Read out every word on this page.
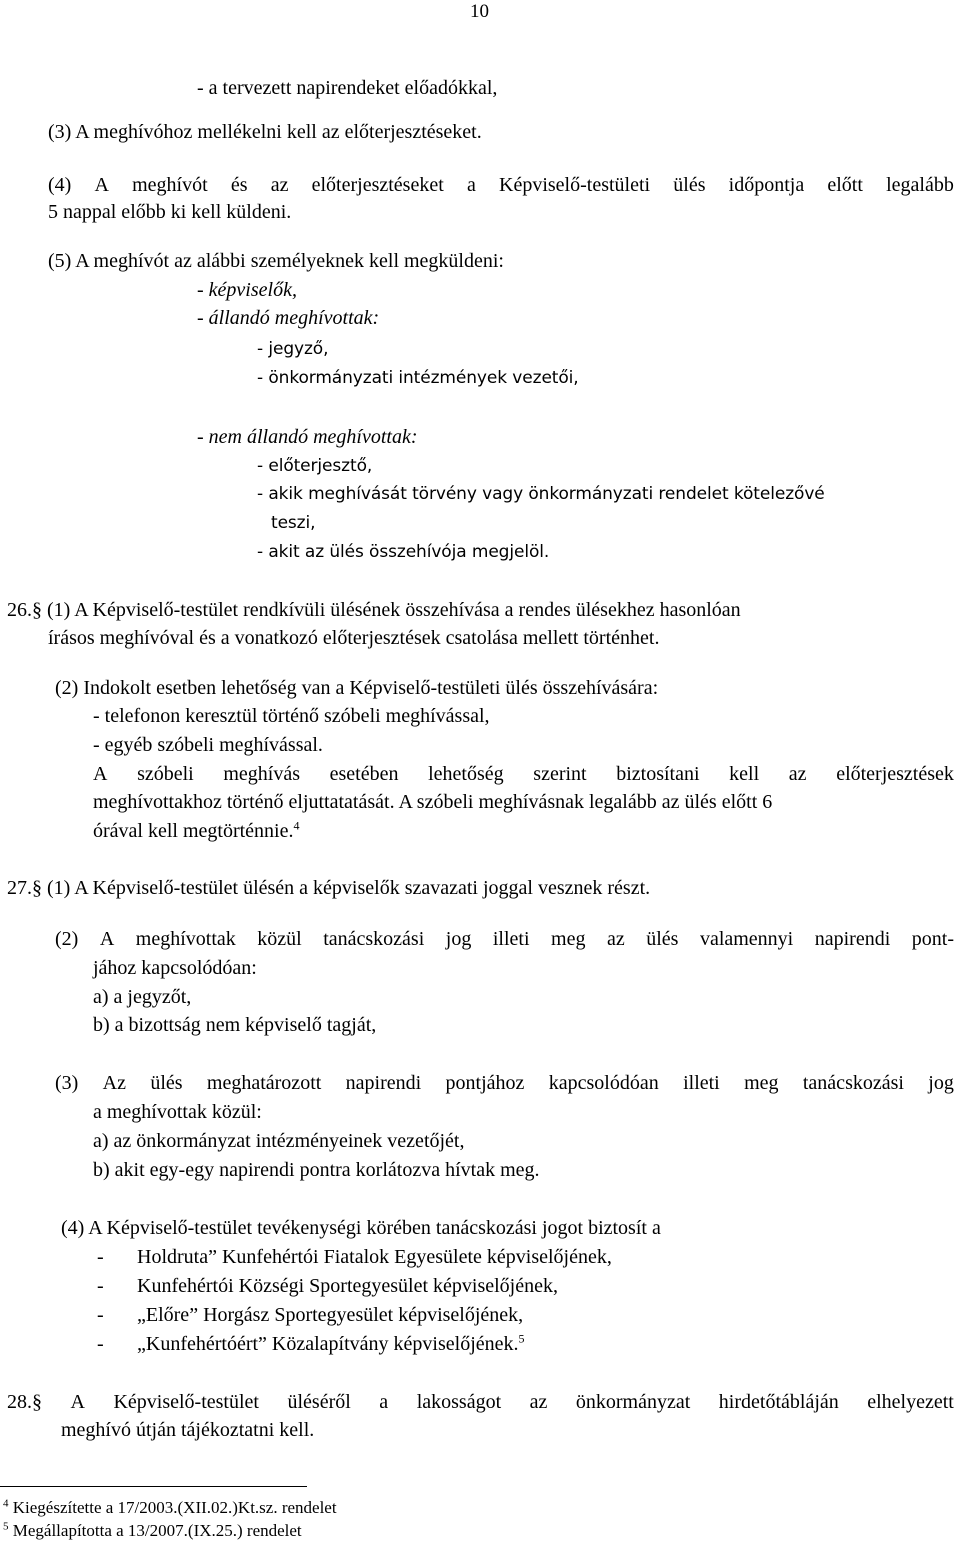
10
- a tervezett napirendeket előadókkal,
(3) A meghívóhoz mellékelni kell az előterjesztéseket.
(4) A meghívót és az előterjesztéseket a Képviselő-testületi ülés időpontja előtt legalább
5 nappal előbb ki kell küldeni.
(5) A meghívót az alábbi személyeknek kell megküldeni:
- képviselők,
- állandó meghívottak:
- jegyző,
- önkormányzati intézmények vezetői,
- nem állandó meghívottak:
- előterjesztő,
- akik meghívását törvény vagy önkormányzati rendelet kötelezővé
teszi,
- akit az ülés összehívója megjelöl.
26.§ (1) A Képviselő-testület rendkívüli ülésének összehívása a rendes ülésekhez hasonlóan
írásos meghívóval és a vonatkozó előterjesztések csatolása mellett történhet.
(2) Indokolt esetben lehetőség van a Képviselő-testületi ülés összehívására:
- telefonon keresztül történő szóbeli meghívással,
- egyéb szóbeli meghívással.
A szóbeli meghívás esetében lehetőség szerint biztosítani kell az előterjesztések
meghívottakhoz történő eljuttatatását. A szóbeli meghívásnak legalább az ülés előtt 6
órával kell megtörténnie.$^4$
27.§ (1) A Képviselő-testület ülésén a képviselők szavazati joggal vesznek részt.
(2) A meghívottak közül tanácskozási jog illeti meg az ülés valamennyi napirendi pont-
jához kapcsolódóan:
a) a jegyzőt,
b) a bizottság nem képviselő tagját,
(3) Az ülés meghatározott napirendi pontjához kapcsolódóan illeti meg tanácskozási jog
a meghívottak közül:
a) az önkormányzat intézményeinek vezetőjét,
b) akit egy-egy napirendi pontra korlátozva hívtak meg.
(4) A Képviselő-testület tevékenységi körében tanácskozási jogot biztosít a
- Holdruta” Kunfehértói Fiatalok Egyesülete képviselőjének,
- Kunfehértói Községi Sportegyesület képviselőjének,
- „Előre” Horgász Sportegyesület képviselőjének,
- „Kunfehértóért” Közalapítvány képviselőjének.$^5$
28.§ A Képviselő-testület üléséről a lakosságot az önkormányzat hirdetőtábláján elhelyezett
meghívó útján tájékoztatni kell.
$^4$ Kiegészítette a 17/2003.(XII.02.)Kt.sz. rendelet
$^5$ Megállapította a 13/2007.(IX.25.) rendelet
